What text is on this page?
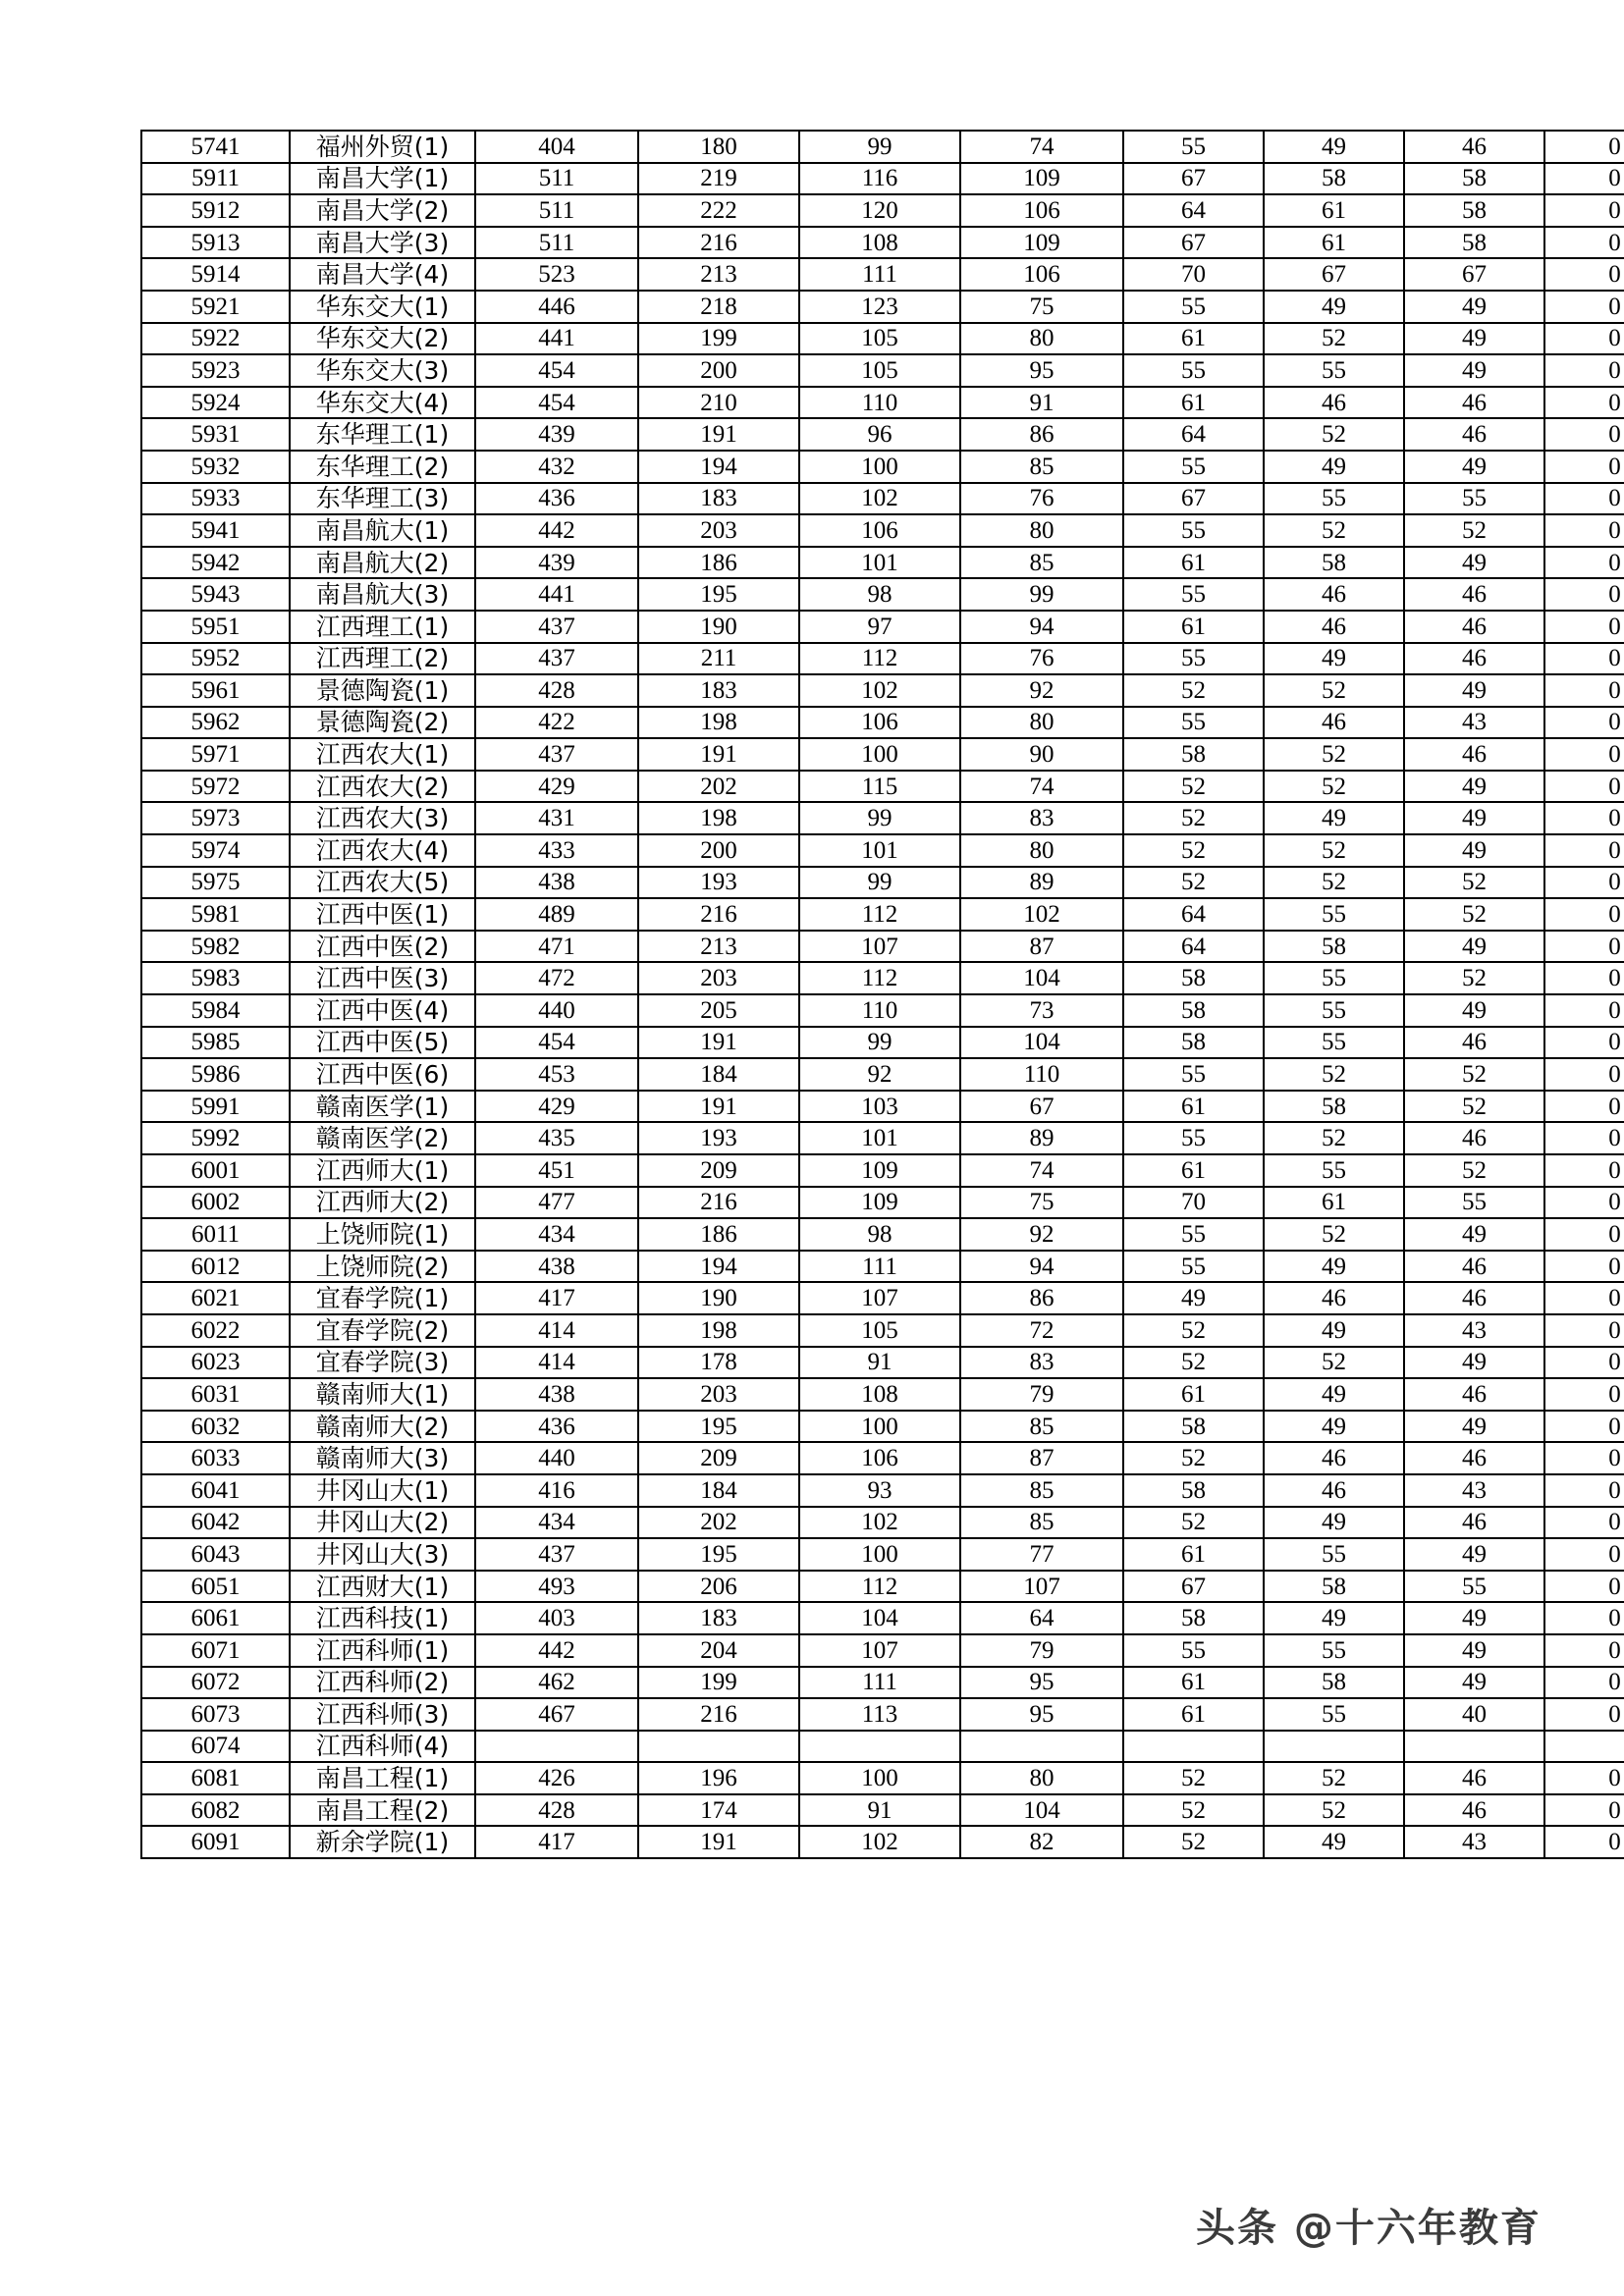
5741	福州外贸(1)	404	180	99	74	55	49	46	0
5911	南昌大学(1)	511	219	116	109	67	58	58	0
5912	南昌大学(2)	511	222	120	106	64	61	58	0
5913	南昌大学(3)	511	216	108	109	67	61	58	0
5914	南昌大学(4)	523	213	111	106	70	67	67	0
5921	华东交大(1)	446	218	123	75	55	49	49	0
5922	华东交大(2)	441	199	105	80	61	52	49	0
5923	华东交大(3)	454	200	105	95	55	55	49	0
5924	华东交大(4)	454	210	110	91	61	46	46	0
5931	东华理工(1)	439	191	96	86	64	52	46	0
5932	东华理工(2)	432	194	100	85	55	49	49	0
5933	东华理工(3)	436	183	102	76	67	55	55	0
5941	南昌航大(1)	442	203	106	80	55	52	52	0
5942	南昌航大(2)	439	186	101	85	61	58	49	0
5943	南昌航大(3)	441	195	98	99	55	46	46	0
5951	江西理工(1)	437	190	97	94	61	46	46	0
5952	江西理工(2)	437	211	112	76	55	49	46	0
5961	景德陶瓷(1)	428	183	102	92	52	52	49	0
5962	景德陶瓷(2)	422	198	106	80	55	46	43	0
5971	江西农大(1)	437	191	100	90	58	52	46	0
5972	江西农大(2)	429	202	115	74	52	52	49	0
5973	江西农大(3)	431	198	99	83	52	49	49	0
5974	江西农大(4)	433	200	101	80	52	52	49	0
5975	江西农大(5)	438	193	99	89	52	52	52	0
5981	江西中医(1)	489	216	112	102	64	55	52	0
5982	江西中医(2)	471	213	107	87	64	58	49	0
5983	江西中医(3)	472	203	112	104	58	55	52	0
5984	江西中医(4)	440	205	110	73	58	55	49	0
5985	江西中医(5)	454	191	99	104	58	55	46	0
5986	江西中医(6)	453	184	92	110	55	52	52	0
5991	赣南医学(1)	429	191	103	67	61	58	52	0
5992	赣南医学(2)	435	193	101	89	55	52	46	0
6001	江西师大(1)	451	209	109	74	61	55	52	0
6002	江西师大(2)	477	216	109	75	70	61	55	0
6011	上饶师院(1)	434	186	98	92	55	52	49	0
6012	上饶师院(2)	438	194	111	94	55	49	46	0
6021	宜春学院(1)	417	190	107	86	49	46	46	0
6022	宜春学院(2)	414	198	105	72	52	49	43	0
6023	宜春学院(3)	414	178	91	83	52	52	49	0
6031	赣南师大(1)	438	203	108	79	61	49	46	0
6032	赣南师大(2)	436	195	100	85	58	49	49	0
6033	赣南师大(3)	440	209	106	87	52	46	46	0
6041	井冈山大(1)	416	184	93	85	58	46	43	0
6042	井冈山大(2)	434	202	102	85	52	49	46	0
6043	井冈山大(3)	437	195	100	77	61	55	49	0
6051	江西财大(1)	493	206	112	107	67	58	55	0
6061	江西科技(1)	403	183	104	64	58	49	49	0
6071	江西科师(1)	442	204	107	79	55	55	49	0
6072	江西科师(2)	462	199	111	95	61	58	49	0
6073	江西科师(3)	467	216	113	95	61	55	40	0
6074	江西科师(4)								
6081	南昌工程(1)	426	196	100	80	52	52	46	0
6082	南昌工程(2)	428	174	91	104	52	52	46	0
6091	新余学院(1)	417	191	102	82	52	49	43	0
头条 @十六年教育
